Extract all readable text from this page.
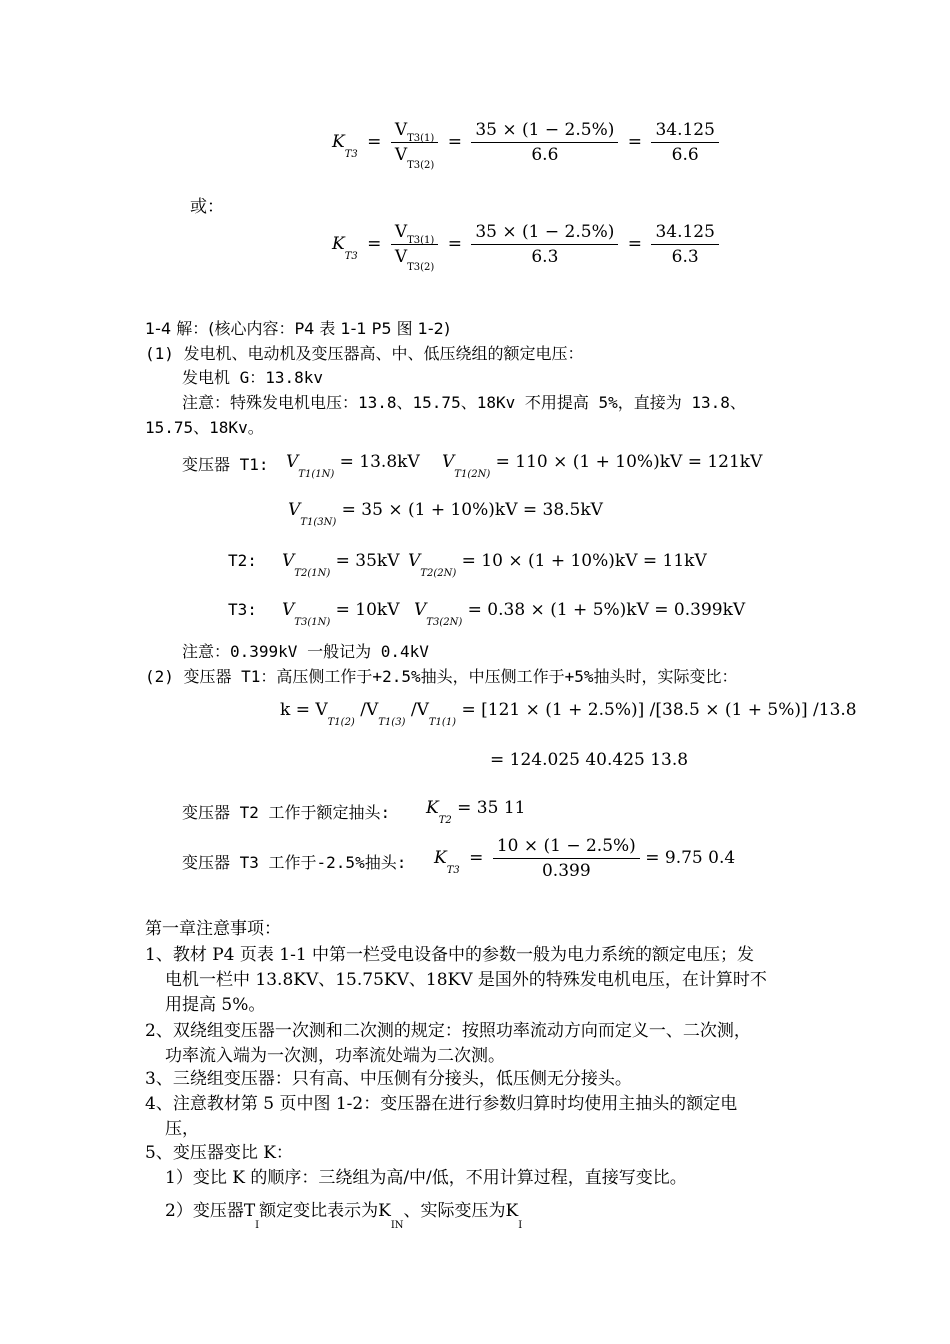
$K_{T3} = \frac{V_{T3(1)}}{V_{T3(2)}} = \frac{35 \times (1 - 2.5\%)}{6.6} = \frac{34.125}{6.6}$
或：
$K_{T3} = \frac{V_{T3(1)}}{V_{T3(2)}} = \frac{35 \times (1 - 2.5\%)}{6.3} = \frac{34.125}{6.3}$
1-4 解：(核心内容：P4 表 1-1 P5 图 1-2)
(1) 发电机、电动机及变压器高、中、低压绕组的额定电压：
发电机 G：13.8kv
注意：特殊发电机电压：13.8、15.75、18Kv 不用提高 5%，直接为 13.8、
15.75、18Kv。
变压器 T1: $V_{T1(1N)} = 13.8kV$ $V_{T1(2N)} = 110 \times (1 + 10\%)kV = 121kV$
$V_{T1(3N)} = 35 \times (1 + 10\%)kV = 38.5kV$
T2: $V_{T2(1N)} = 35kV$ $V_{T2(2N)} = 10 \times (1 + 10\%)kV = 11kV$
T3: $V_{T3(1N)} = 10kV$ $V_{T3(2N)} = 0.38 \times (1 + 5\%)kV = 0.399kV$
注意：0.399kV 一般记为 0.4kV
(2) 变压器 T1：高压侧工作于+2.5%抽头，中压侧工作于+5%抽头时，实际变比：
$k = V_{T1(2)}$ $/V_{T1(3)}$ $/V_{T1(1)} = [121 \times (1 + 2.5\%)] /[38.5 \times (1 + 5\%)]$ /13.8
= 124.025 40.425 13.8
变压器 T2 工作于额定抽头: $K_{T2} = 35$ 11
变压器 T3 工作于-2.5%抽头: $K_{T3} = \frac{10 \times (1 - 2.5\%)}{0.399} = 9.75$ 0.4
第一章注意事项：
1、教材 P4 页表 1-1 中第一栏受电设备中的参数一般为电力系统的额定电压；发
电机一栏中 13.8KV、15.75KV、18KV 是国外的特殊发电机电压，在计算时不
用提高 5%。
2、双绕组变压器一次测和二次测的规定：按照功率流动方向而定义一、二次测，
功率流入端为一次测，功率流处端为二次测。
3、三绕组变压器：只有高、中压侧有分接头，低压侧无分接头。
4、注意教材第 5 页中图 1-2：变压器在进行参数归算时均使用主抽头的额定电
压，
5、变压器变比 K：
1）变比 K 的顺序：三绕组为高/中/低，不用计算过程，直接写变比。
2）变压器$T_I$额定变比表示为$K_{IN}$、实际变压为$K_I$
